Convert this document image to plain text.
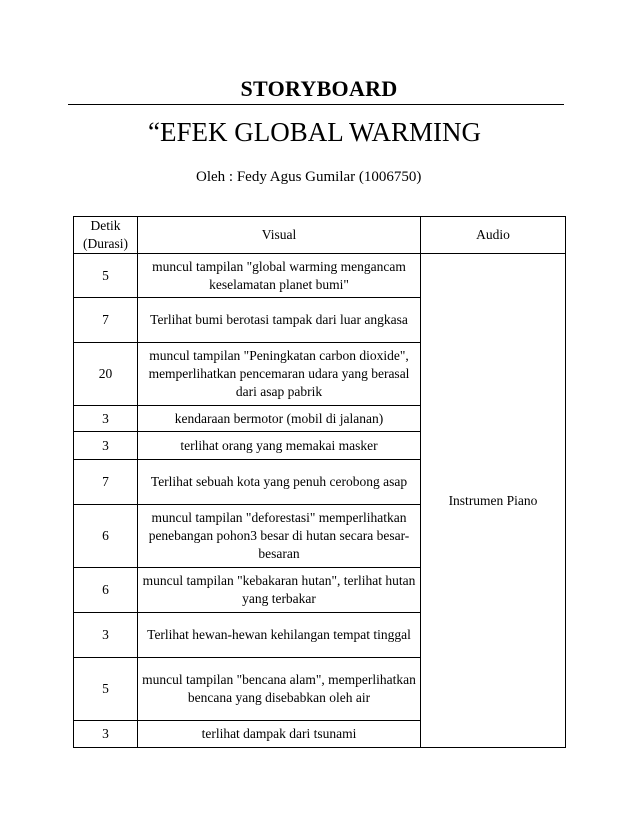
STORYBOARD
“EFEK GLOBAL WARMING
Oleh : Fedy Agus Gumilar (1006750)
Detik
(Durasi)	Visual	Audio
5	muncul tampilan "global warming mengancam keselamatan planet bumi"	Instrumen Piano
7	Terlihat bumi berotasi tampak dari luar angkasa	
20	muncul tampilan "Peningkatan carbon dioxide", memperlihatkan pencemaran udara yang berasal dari asap pabrik	
3	kendaraan bermotor (mobil di jalanan)	
3	terlihat orang yang memakai masker	
7	Terlihat sebuah kota yang penuh cerobong asap	
6	muncul tampilan "deforestasi" memperlihatkan penebangan pohon3 besar di hutan secara besar-besaran	
6	muncul tampilan "kebakaran hutan", terlihat hutan yang terbakar	
3	Terlihat hewan-hewan kehilangan tempat tinggal	
5	muncul tampilan "bencana alam", memperlihatkan bencana yang disebabkan oleh air	
3	terlihat dampak dari tsunami	
